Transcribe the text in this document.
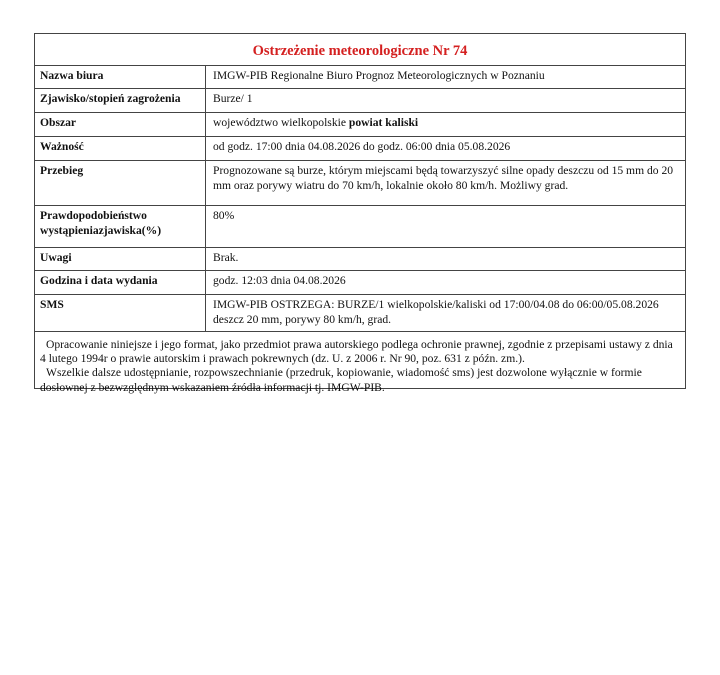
Ostrzeżenie meteorologiczne Nr 74
Nazwa biura	IMGW-PIB Regionalne Biuro Prognoz Meteorologicznych w Poznaniu
Zjawisko/stopień zagrożenia	Burze/ 1
Obszar	województwo wielkopolskie powiat kaliski
Ważność	od godz. 17:00 dnia 04.08.2026 do godz. 06:00 dnia 05.08.2026
Przebieg	Prognozowane są burze, którym miejscami będą towarzyszyć silne opady deszczu od 15 mm do 20 mm oraz porywy wiatru do 70 km/h, lokalnie około 80 km/h. Możliwy grad.
Prawdopodobieństwo wystąpieniazjawiska(%)	80%
Uwagi	Brak.
Godzina i data wydania	godz. 12:03 dnia 04.08.2026
SMS	IMGW-PIB OSTRZEGA: BURZE/1 wielkopolskie/kaliski od 17:00/04.08 do 06:00/05.08.2026 deszcz 20 mm, porywy 80 km/h, grad.

Opracowanie niniejsze i jego format, jako przedmiot prawa autorskiego podlega ochronie prawnej, zgodnie z przepisami ustawy z dnia 4 lutego 1994r o prawie autorskim i prawach pokrewnych (dz. U. z 2006 r. Nr 90, poz. 631 z późn. zm.).

Wszelkie dalsze udostępnianie, rozpowszechnianie (przedruk, kopiowanie, wiadomość sms) jest dozwolone wyłącznie w formie dosłownej z bezwzględnym wskazaniem źródła informacji tj. IMGW-PIB.
